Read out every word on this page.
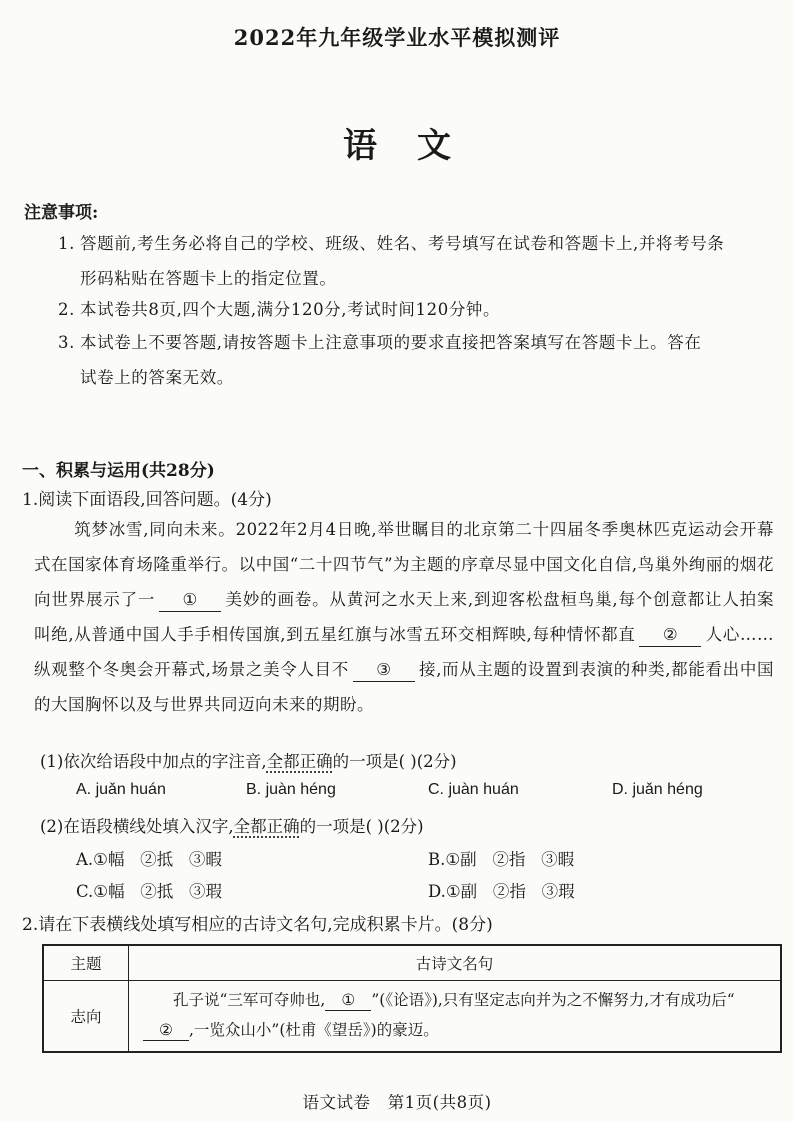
2022年九年级学业水平模拟测评
语文
注意事项:
1. 答题前,考生务必将自己的学校、班级、姓名、考号填写在试卷和答题卡上,并将考号条
形码粘贴在答题卡上的指定位置。
2. 本试卷共8页,四个大题,满分120分,考试时间120分钟。
3. 本试卷上不要答题,请按答题卡上注意事项的要求直接把答案填写在答题卡上。答在
试卷上的答案无效。
一、积累与运用(共28分)
1.阅读下面语段,回答问题。(4分)
筑梦冰雪,同向未来。2022年2月4日晚,举世瞩目的北京第二十四届冬季奥林匹克运动会开幕式在国家体育场隆重举行。以中国“二十四节气”为主题的序章尽显中国文化自信,鸟巢外绚丽的烟花向世界展示了一 ① 美妙的画卷。从黄河之水天上来,到迎客松盘桓鸟巢,每个创意都让人拍案叫绝,从普通中国人手手相传国旗,到五星红旗与冰雪五环交相辉映,每种情怀都直 ② 人心……纵观整个冬奥会开幕式,场景之美令人目不 ③ 接,而从主题的设置到表演的种类,都能看出中国的大国胸怀以及与世界共同迈向未来的期盼。
(1)依次给语段中加点的字注音,全都正确的一项是( )(2分)
A. juǎn huán	B. juàn héng	C. juàn huán	D. juǎn héng
(2)在语段横线处填入汉字,全都正确的一项是( )(2分)
A.①幅   ②抵   ③暇	B.①副   ②指   ③暇
C.①幅   ②抵   ③瑕	D.①副   ②指   ③瑕
2.请在下表横线处填写相应的古诗文名句,完成积累卡片。(8分)
主题	古诗文名句
志向	孔子说“三军可夺帅也, ① ”(《论语》),只有坚定志向并为之不懈努力,才有成功后“② ,一览众山小”(杜甫《望岳》)的豪迈。
语文试卷   第1页(共8页)
